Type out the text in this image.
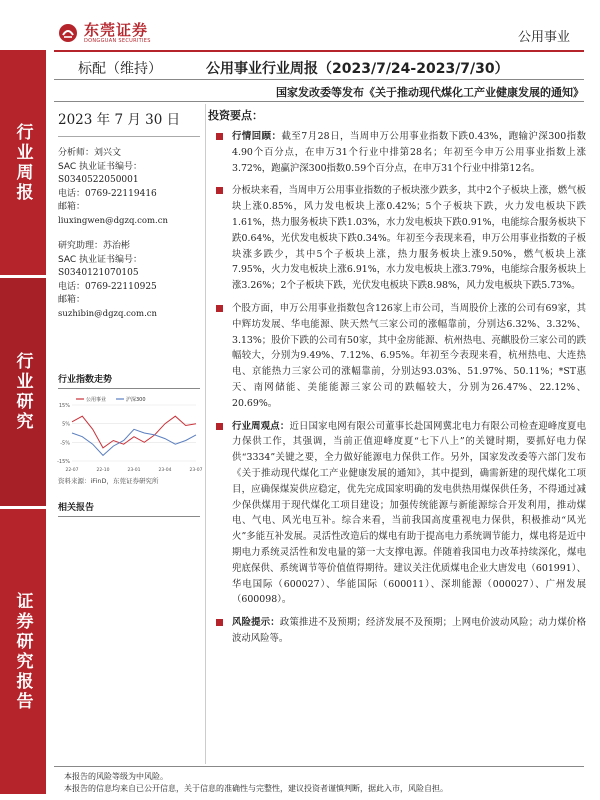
东莞证券
DONGGUAN SECURITIES	公用事业
行业周报
行业研究
证券研究报告
标配（维持）	公用事业行业周报（2023/7/24-2023/7/30）
国家发改委等发布《关于推动现代煤化工产业健康发展的通知》
2023 年 7 月 30 日
分析师：刘兴文
SAC 执业证书编号：
S0340522050001
电话：0769-22119416
邮箱：
liuxingwen@dgzq.com.cn
研究助理：苏治彬
SAC 执业证书编号：
S0340121070105
电话：0769-22110925
邮箱：
suzhibin@dgzq.com.cn
行业指数走势
-15%
-5%
5%
15%
22-07	22-10	23-01	23-04	23-07
公用事业	沪深300
资料来源：iFinD，东莞证券研究所
相关报告
投资要点：
行情回顾：截至7月28日，当周申万公用事业指数下跌0.43%，跑输沪深300指数4.90个百分点，在申万31个行业中排第28名；年初至今申万公用事业指数上涨3.72%，跑赢沪深300指数0.59个百分点，在申万31个行业中排第12名。
分板块来看，当周申万公用事业指数的子板块涨少跌多，其中2个子板块上涨，燃气板块上涨0.85%，风力发电板块上涨0.42%；5个子板块下跌，火力发电板块下跌1.61%，热力服务板块下跌1.03%，水力发电板块下跌0.91%，电能综合服务板块下跌0.64%，光伏发电板块下跌0.34%。年初至今表现来看，申万公用事业指数的子板块涨多跌少，其中5个子板块上涨，热力服务板块上涨9.50%，燃气板块上涨7.95%，火力发电板块上涨6.91%，水力发电板块上涨3.79%，电能综合服务板块上涨3.26%；2个子板块下跌，光伏发电板块下跌8.98%，风力发电板块下跌5.73%。
个股方面，申万公用事业指数包含126家上市公司，当周股价上涨的公司有69家，其中辉坊发展、华电能源、陕天然气三家公司的涨幅靠前，分别达6.32%、3.32%、3.13%；股价下跌的公司有50家，其中金房能源、杭州热电、亮麒股份三家公司的跌幅较大，分别为9.49%、7.12%、6.95%。年初至今表现来看，杭州热电、大连热电、京能热力三家公司的涨幅靠前，分别达93.03%、51.97%、50.11%；*ST惠天、南网储能、美能能源三家公司的跌幅较大，分别为26.47%、22.12%、20.69%。
行业周观点：近日国家电网有限公司董事长赴国网冀北电力有限公司检查迎峰度夏电力保供工作，其强调，当前正值迎峰度夏“七下八上”的关键时期，要抓好电力保供“3334”关键之要，全力做好能源电力保供工作。另外，国家发改委等六部门发布《关于推动现代煤化工产业健康发展的通知》，其中提到，确需新建的现代煤化工项目，应确保煤炭供应稳定，优先完成国家明确的发电供热用煤保供任务，不得通过减少保供煤用于现代煤化工项目建设；加强传统能源与新能源综合开发利用，推动煤电、气电、风光电互补。综合来看，当前我国高度重视电力保供，积极推动“风光火”多能互补发展。灵活性改造后的煤电有助于提高电力系统调节能力，煤电将是近中期电力系统灵活性和发电量的第一大支撑电源。伴随着我国电力改革持续深化，煤电兜底保供、系统调节等价值值得期待。建议关注优质煤电企业大唐发电（601991）、华电国际（600027）、华能国际（600011）、深圳能源（000027）、广州发展（600098）。
风险提示：政策推进不及预期；经济发展不及预期；上网电价波动风险；动力煤价格波动风险等。
本报告的风险等级为中风险。
本报告的信息均来自已公开信息，关于信息的准确性与完整性，建议投资者谨慎判断，据此入市，风险自担。
